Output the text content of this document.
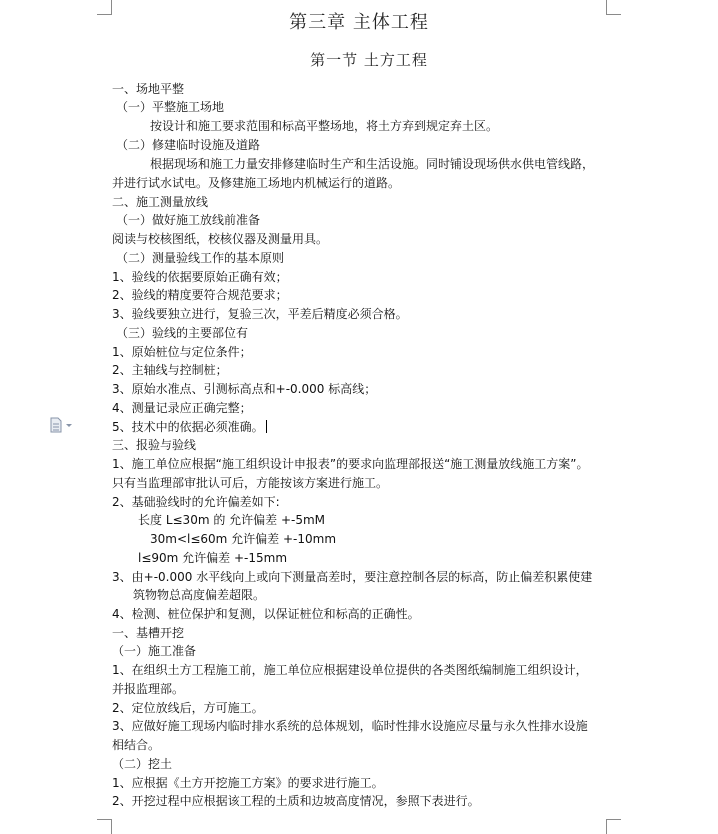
第三章 主体工程
第一节 土方工程
一、场地平整
（一）平整施工场地
按设计和施工要求范围和标高平整场地，将土方弃到规定弃土区。
（二）修建临时设施及道路
根据现场和施工力量安排修建临时生产和生活设施。同时铺设现场供水供电管线路，
并进行试水试电。及修建施工场地内机械运行的道路。
二、施工测量放线
（一）做好施工放线前准备
阅读与校核图纸，校核仪器及测量用具。
（二）测量验线工作的基本原则
1、验线的依据要原始正确有效；
2、验线的精度要符合规范要求；
3、验线要独立进行，复验三次，平差后精度必须合格。
（三）验线的主要部位有
1、原始桩位与定位条件；
2、主轴线与控制桩；
3、原始水准点、引测标高点和+-0.000 标高线；
4、测量记录应正确完整；
5、技术中的依据必须准确。
三、报验与验线
1、施工单位应根据“施工组织设计申报表”的要求向监理部报送“施工测量放线施工方案”。
只有当监理部审批认可后，方能按该方案进行施工。
2、基础验线时的允许偏差如下:
长度 L≤30m 的 允许偏差 +-5mM
30m<l≤60m 允许偏差 +-10mm
l≤90m 允许偏差 +-15mm
3、由+-0.000 水平线向上或向下测量高差时，要注意控制各层的标高，防止偏差积累使建
筑物物总高度偏差超限。
4、检测、桩位保护和复测，以保证桩位和标高的正确性。
一、基槽开挖
（一）施工准备
1、在组织土方工程施工前，施工单位应根据建设单位提供的各类图纸编制施工组织设计，
并报监理部。
2、定位放线后，方可施工。
3、应做好施工现场内临时排水系统的总体规划，临时性排水设施应尽量与永久性排水设施
相结合。
（二）挖土
1、应根据《土方开挖施工方案》的要求进行施工。
2、开挖过程中应根据该工程的土质和边坡高度情况，参照下表进行。
